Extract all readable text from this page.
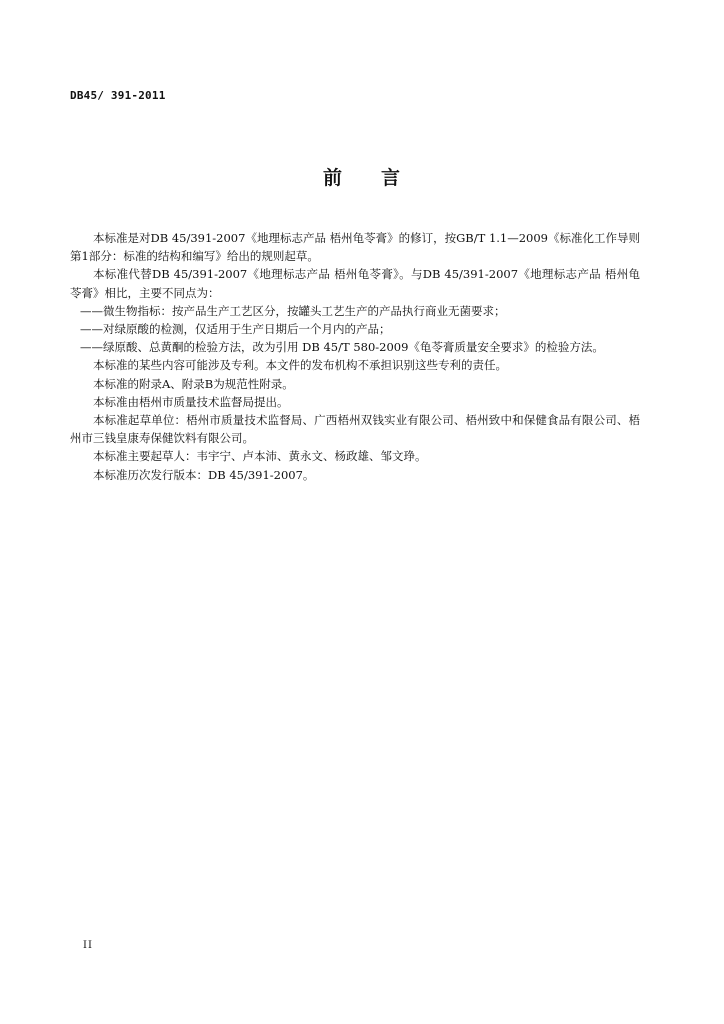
DB45/ 391-2011
前 言

本标准是对DB 45/391-2007《地理标志产品 梧州龟苓膏》的修订，按GB/T 1.1—2009《标准化工作导则 第1部分：标准的结构和编写》给出的规则起草。

本标准代替DB 45/391-2007《地理标志产品 梧州龟苓膏》。与DB 45/391-2007《地理标志产品 梧州龟苓膏》相比，主要不同点为：

——微生物指标：按产品生产工艺区分，按罐头工艺生产的产品执行商业无菌要求；

——对绿原酸的检测，仅适用于生产日期后一个月内的产品；

——绿原酸、总黄酮的检验方法，改为引用 DB 45/T 580-2009《龟苓膏质量安全要求》的检验方法。

本标准的某些内容可能涉及专利。本文件的发布机构不承担识别这些专利的责任。

本标准的附录A、附录B为规范性附录。

本标准由梧州市质量技术监督局提出。

本标准起草单位：梧州市质量技术监督局、广西梧州双钱实业有限公司、梧州致中和保健食品有限公司、梧州市三钱皇康寿保健饮料有限公司。

本标准主要起草人：韦宇宁、卢本沛、黄永文、杨政雄、邹文琤。

本标准历次发行版本：DB 45/391-2007。

II
